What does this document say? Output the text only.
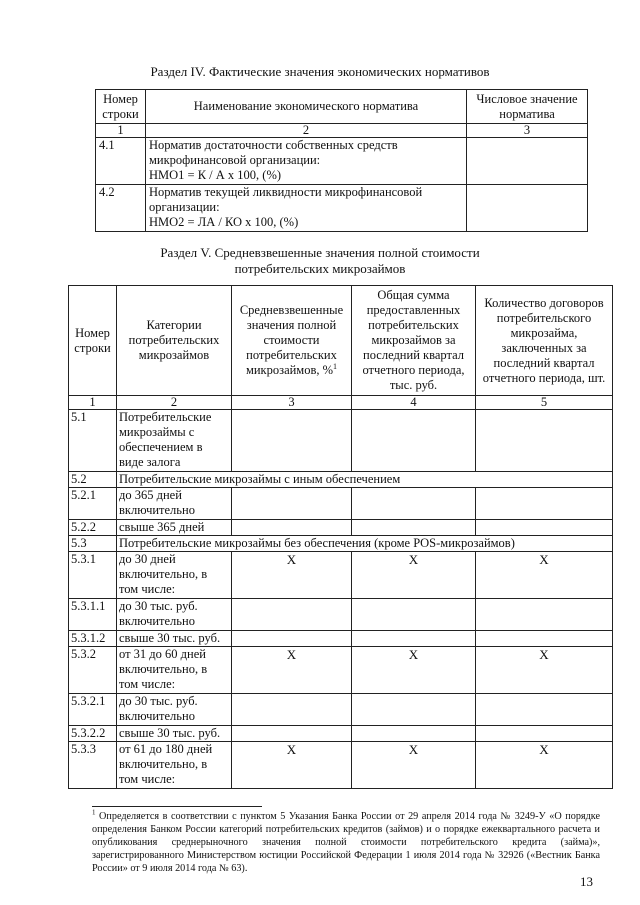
Раздел IV. Фактические значения экономических нормативов
Номер строки	Наименование экономического норматива	Числовое значение норматива
1	2	3
4.1	Норматив достаточности собственных средств
микрофинансовой организации:
НМО1 = К / А х 100, (%)	

4.2	Норматив текущей ликвидности микрофинансовой
организации:
НМО2 = ЛА / КО х 100, (%)	

Раздел V. Средневзвешенные значения полной стоимости
потребительских микрозаймов
Номер строки	Категории потребительских микрозаймов	Средневзвешенные значения полной стоимости потребительских микрозаймов, %$^1$	Общая сумма предоставленных потребительских микрозаймов за последний квартал отчетного периода, тыс. руб.	Количество договоров потребительского микрозайма, заключенных за последний квартал отчетного периода, шт.
1	2	3	4	5
5.1	Потребительские микрозаймы с обеспечением в виде залога			
5.2	Потребительские микрозаймы с иным обеспечением			
5.2.1	до 365 дней включительно			
5.2.2	свыше 365 дней			
5.3	Потребительские микрозаймы без обеспечения (кроме POS-микрозаймов)			
5.3.1	до 30 дней включительно, в том числе:	X	X	X
5.3.1.1	до 30 тыс. руб. включительно			
5.3.1.2	свыше 30 тыс. руб.			
5.3.2	от 31 до 60 дней включительно, в том числе:	X	X	X
5.3.2.1	до 30 тыс. руб. включительно			
5.3.2.2	свыше 30 тыс. руб.			
5.3.3	от 61 до 180 дней включительно, в том числе:	X	X	X
$^1$ Определяется в соответствии с пунктом 5 Указания Банка России от 29 апреля 2014 года № 3249-У «О порядке определения Банком России категорий потребительских кредитов (займов) и о порядке ежеквартального расчета и опубликования среднерыночного значения полной стоимости потребительского кредита (займа)», зарегистрированного Министерством юстиции Российской Федерации 1 июля 2014 года № 32926 («Вестник Банка России» от 9 июля 2014 года № 63).
13
